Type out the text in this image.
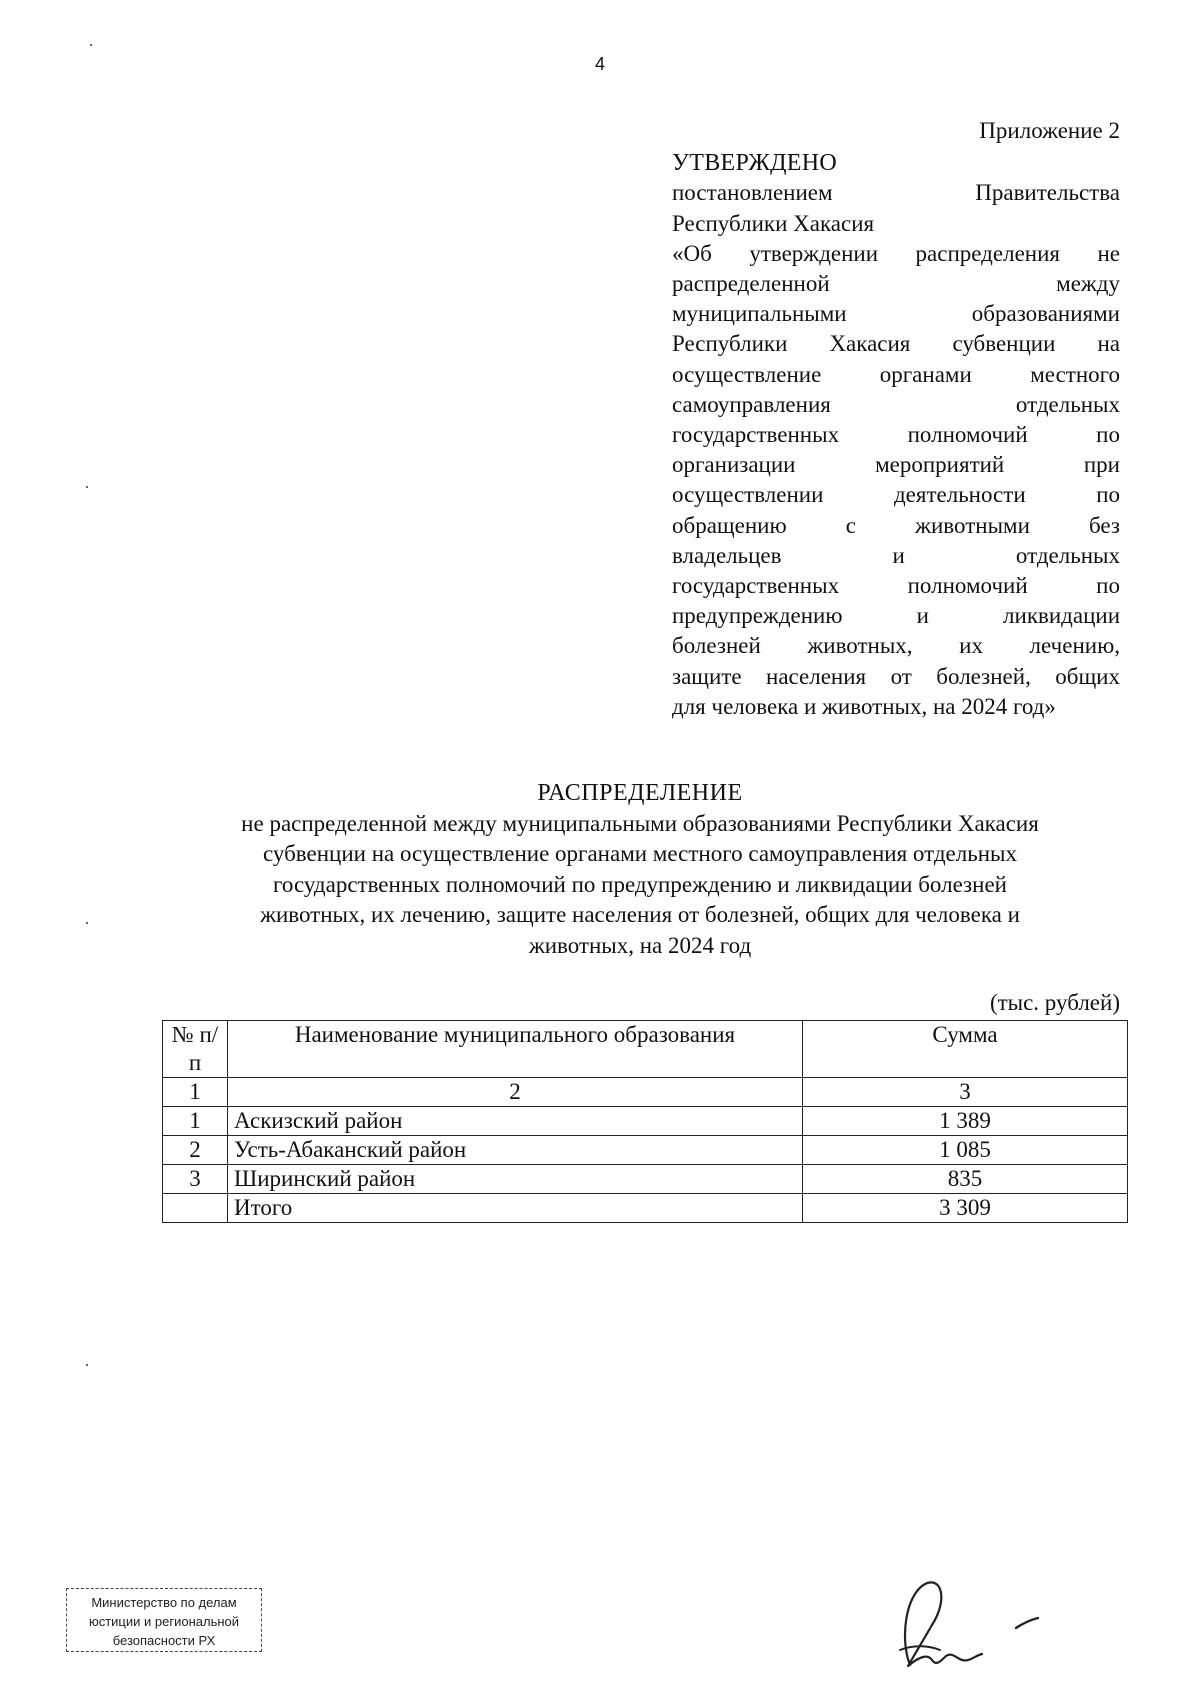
4
Приложение 2
УТВЕРЖДЕНО
постановлением Правительства
Республики Хакасия
«Об утверждении распределения не
распределенной между
муниципальными образованиями
Республики Хакасия субвенции на
осуществление органами местного
самоуправления отдельных
государственных полномочий по
организации мероприятий при
осуществлении деятельности по
обращению с животными без
владельцев и отдельных
государственных полномочий по
предупреждению и ликвидации
болезней животных, их лечению,
защите населения от болезней, общих
для человека и животных, на 2024 год»
РАСПРЕДЕЛЕНИЕ
не распределенной между муниципальными образованиями Республики Хакасия
субвенции на осуществление органами местного самоуправления отдельных
государственных полномочий по предупреждению и ликвидации болезней
животных, их лечению, защите населения от болезней, общих для человека и
животных, на 2024 год
(тыс. рублей)
№ п/п	Наименование муниципального образования	Сумма
1	2	3
1	Аскизский район	1 389
2	Усть-Абаканский район	1 085
3	Ширинский район	835
	Итого	3 309
Министерство по делам
юстиции и региональной
безопасности РХ
